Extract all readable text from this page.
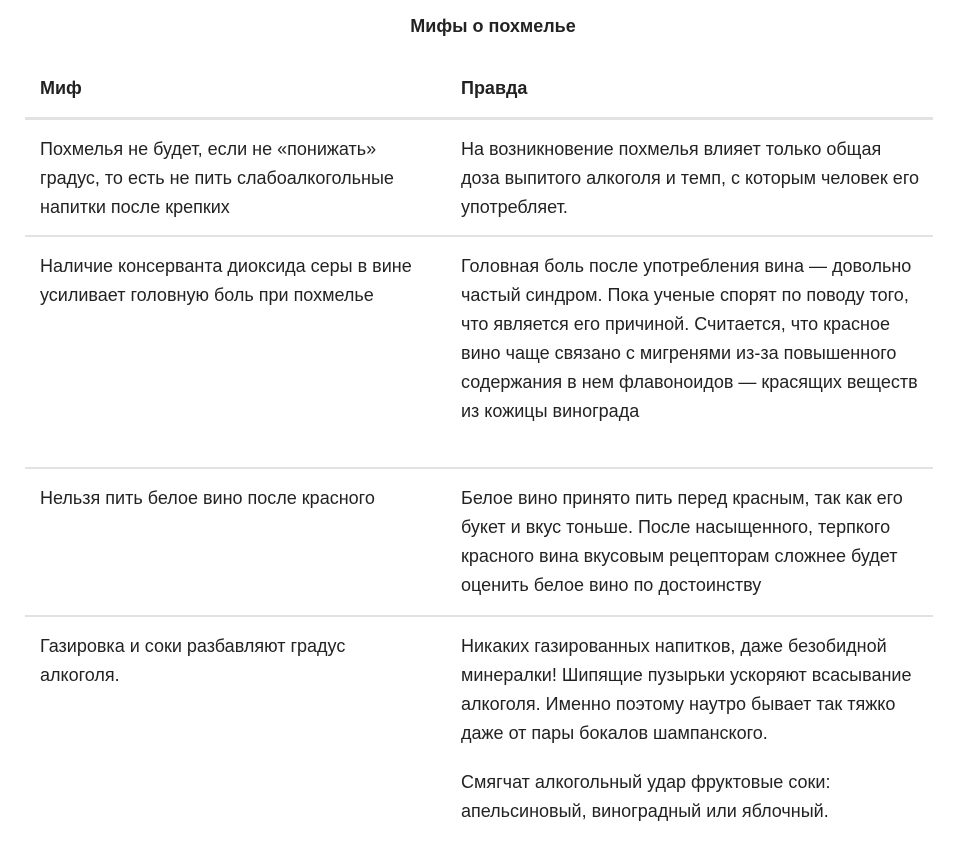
Мифы о похмелье
Миф	Правда
Похмелья не будет, если не «понижать» градус, то есть не пить слабоалкогольные напитки после крепких
На возникновение похмелья влияет только общая доза выпитого алкоголя и темп, с которым человек его употребляет.
Наличие консерванта диоксида серы в вине усиливает головную боль при похмелье
Головная боль после употребления вина — довольно частый синдром. Пока ученые спорят по поводу того, что является его причиной. Считается, что красное вино чаще связано с мигренями из-за повышенного содержания в нем флавоноидов — красящих веществ из кожицы винограда
Нельзя пить белое вино после красного	Белое вино принято пить перед красным, так как его букет и вкус тоньше. После насыщенного, терпкого красного вина вкусовым рецепторам сложнее будет оценить белое вино по достоинству
Газировка и соки разбавляют градус алкоголя.
Никаких газированных напитков, даже безобидной минералки! Шипящие пузырьки ускоряют всасывание алкоголя. Именно поэтому наутро бывает так тяжко даже от пары бокалов шампанского.
Смягчат алкогольный удар фруктовые соки: апельсиновый, виноградный или яблочный.
